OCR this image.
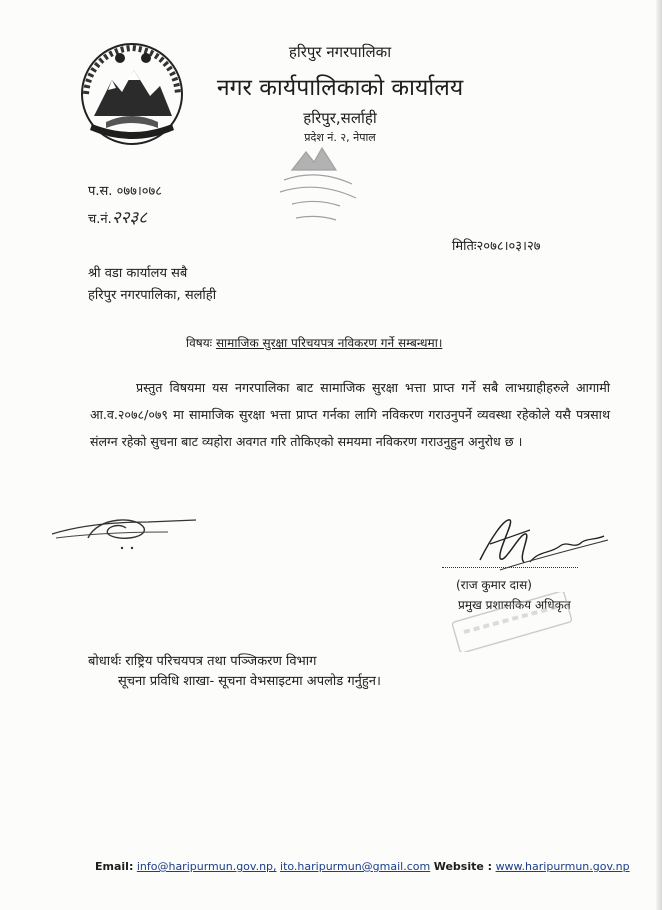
हरिपुर नगरपालिका
नगर कार्यपालिकाको कार्यालय
हरिपुर,सर्लाही
प्रदेश नं. २, नेपाल
प.स. ०७७।०७८
च.नं.२२३८
मितिः२०७८।०३।२७
श्री वडा कार्यालय सबै
हरिपुर नगरपालिका, सर्लाही
विषयः सामाजिक सुरक्षा परिचयपत्र नविकरण गर्ने सम्बन्धमा।
प्रस्तुत विषयमा यस नगरपालिका बाट सामाजिक सुरक्षा भत्ता प्राप्त गर्ने सबै लाभग्राहीहरुले आगामी आ.व.२०७८/०७९ मा सामाजिक सुरक्षा भत्ता प्राप्त गर्नका लागि नविकरण गराउनुपर्ने व्यवस्था रहेकोले यसै पत्रसाथ संलग्न रहेको सुचना बाट व्यहोरा अवगत गरि तोकिएको समयमा नविकरण गराउनुहुन अनुरोध छ ।
(राज कुमार दास)
प्रमुख प्रशासकिय अधिकृत
बोधार्थः राष्ट्रिय परिचयपत्र तथा पञ्जिकरण विभाग
सूचना प्रविधि शाखा- सूचना वेभसाइटमा अपलोड गर्नुहुन।
Email: info@haripurmun.gov.np, ito.haripurmun@gmail.com Website : www.haripurmun.gov.np
